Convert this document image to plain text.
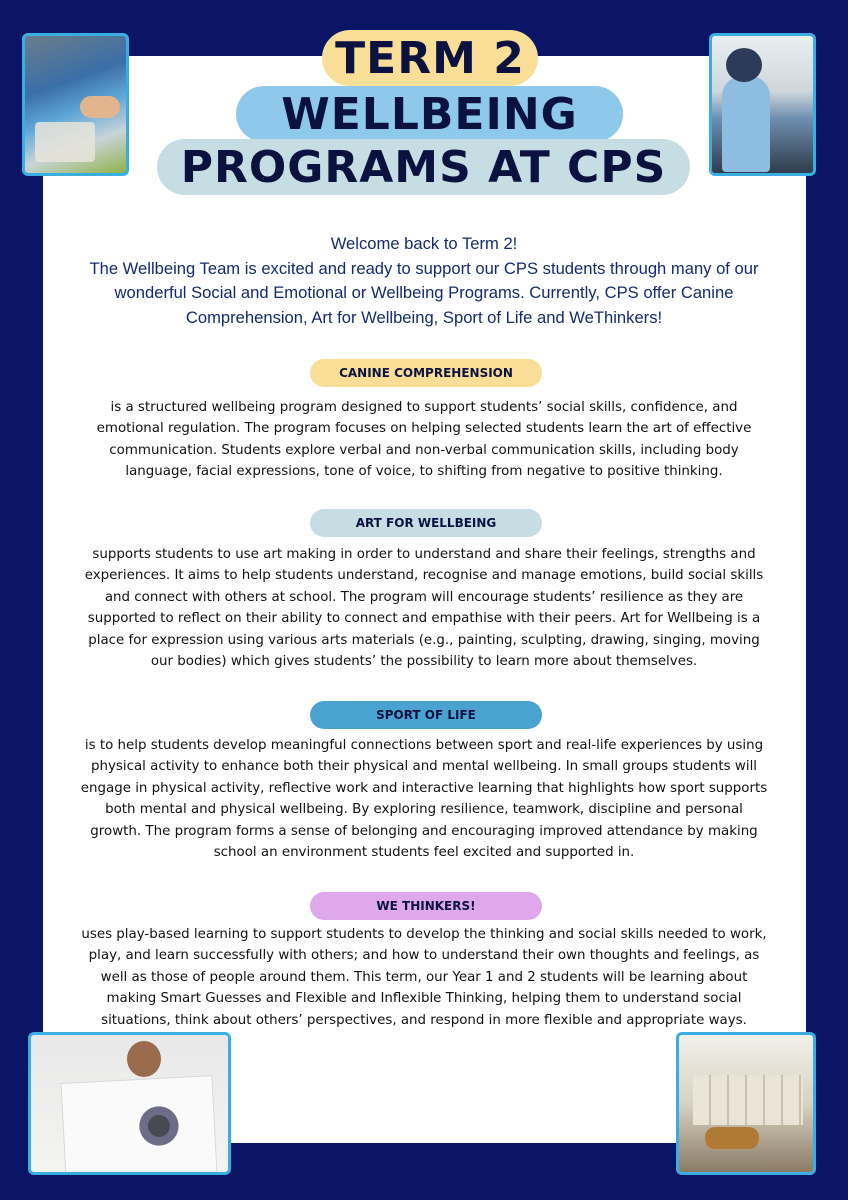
TERM 2
WELLBEING
PROGRAMS AT CPS
Welcome back to Term 2!
The Wellbeing Team is excited and ready to support our CPS students through many of our wonderful Social and Emotional or Wellbeing Programs. Currently, CPS offer Canine Comprehension, Art for Wellbeing, Sport of Life and WeThinkers!
CANINE COMPREHENSION
is a structured wellbeing program designed to support students’ social skills, confidence, and emotional regulation. The program focuses on helping selected students learn the art of effective communication. Students explore verbal and non-verbal communication skills, including body language, facial expressions, tone of voice, to shifting from negative to positive thinking.
ART FOR WELLBEING
supports students to use art making in order to understand and share their feelings, strengths and experiences. It aims to help students understand, recognise and manage emotions, build social skills and connect with others at school. The program will encourage students’ resilience as they are supported to reflect on their ability to connect and empathise with their peers. Art for Wellbeing is a place for expression using various arts materials (e.g., painting, sculpting, drawing, singing, moving our bodies) which gives students’ the possibility to learn more about themselves.
SPORT OF LIFE
is to help students develop meaningful connections between sport and real-life experiences by using physical activity to enhance both their physical and mental wellbeing. In small groups students will engage in physical activity, reflective work and interactive learning that highlights how sport supports both mental and physical wellbeing. By exploring resilience, teamwork, discipline and personal growth. The program forms a sense of belonging and encouraging improved attendance by making school an environment students feel excited and supported in.
WE THINKERS!
uses play-based learning to support students to develop the thinking and social skills needed to work, play, and learn successfully with others; and how to understand their own thoughts and feelings, as well as those of people around them. This term, our Year 1 and 2 students will be learning about making Smart Guesses and Flexible and Inflexible Thinking, helping them to understand social situations, think about others’ perspectives, and respond in more flexible and appropriate ways.
